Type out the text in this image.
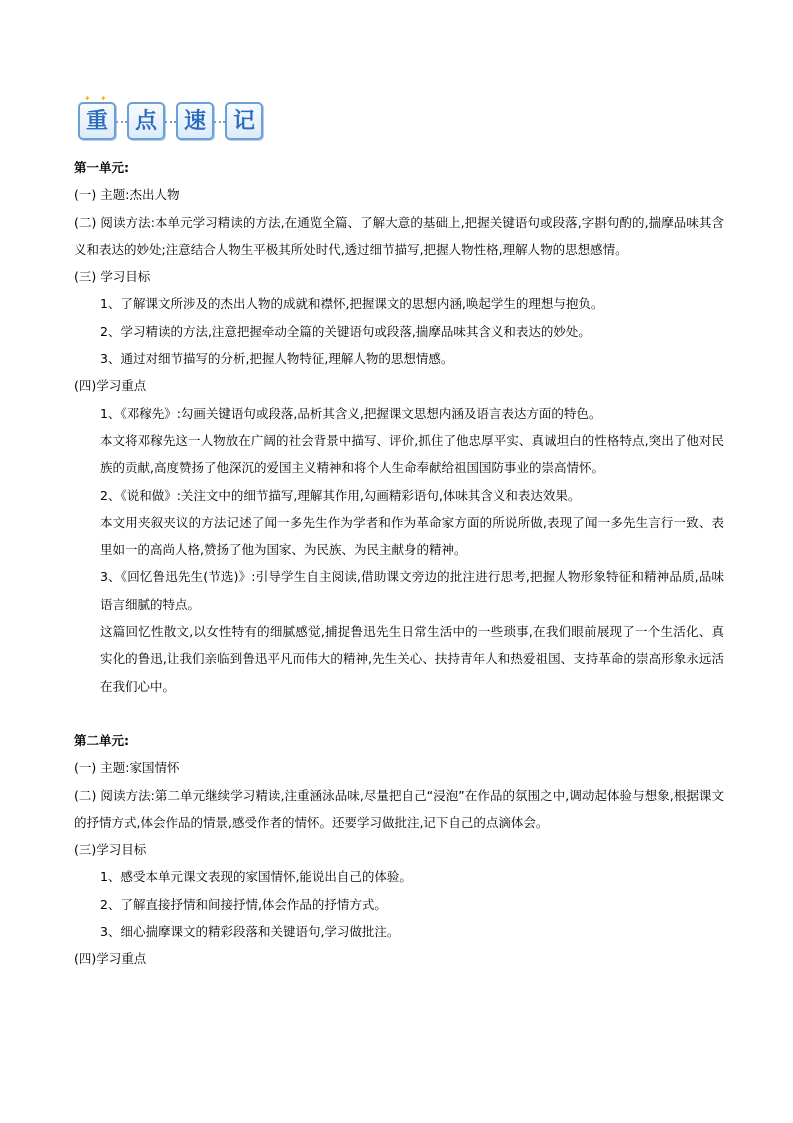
✦
重	点	速	记
✦
第一单元:
(一) 主题:杰出人物
(二) 阅读方法:本单元学习精读的方法,在通览全篇、了解大意的基础上,把握关键语句或段落,字斟句酌的,揣摩品味其含义和表达的妙处;注意结合人物生平极其所处时代,透过细节描写,把握人物性格,理解人物的思想感情。
(三) 学习目标
1、了解课文所涉及的杰出人物的成就和襟怀,把握课文的思想内涵,唤起学生的理想与抱负。
2、学习精读的方法,注意把握牵动全篇的关键语句或段落,揣摩品味其含义和表达的妙处。
3、通过对细节描写的分析,把握人物特征,理解人物的思想情感。
(四)学习重点
1、《邓稼先》:勾画关键语句或段落,品析其含义,把握课文思想内涵及语言表达方面的特色。
本文将邓稼先这一人物放在广阔的社会背景中描写、评价,抓住了他忠厚平实、真诚坦白的性格特点,突出了他对民族的贡献,高度赞扬了他深沉的爱国主义精神和将个人生命奉献给祖国国防事业的崇高情怀。
2、《说和做》:关注文中的细节描写,理解其作用,勾画精彩语句,体味其含义和表达效果。
本文用夹叙夹议的方法记述了闻一多先生作为学者和作为革命家方面的所说所做,表现了闻一多先生言行一致、表里如一的高尚人格,赞扬了他为国家、为民族、为民主献身的精神。
3、《回忆鲁迅先生(节选)》:引导学生自主阅读,借助课文旁边的批注进行思考,把握人物形象特征和精神品质,品味语言细腻的特点。
这篇回忆性散文,以女性特有的细腻感觉,捕捉鲁迅先生日常生活中的一些琐事,在我们眼前展现了一个生活化、真实化的鲁迅,让我们亲临到鲁迅平凡而伟大的精神,先生关心、扶持青年人和热爱祖国、支持革命的崇高形象永远活在我们心中。
第二单元:
(一) 主题:家国情怀
(二) 阅读方法:第二单元继续学习精读,注重涵泳品味,尽量把自己“浸泡”在作品的氛围之中,调动起体验与想象,根据课文的抒情方式,体会作品的情景,感受作者的情怀。还要学习做批注,记下自己的点滴体会。
(三)学习目标
1、感受本单元课文表现的家国情怀,能说出自己的体验。
2、了解直接抒情和间接抒情,体会作品的抒情方式。
3、细心揣摩课文的精彩段落和关键语句,学习做批注。
(四)学习重点
